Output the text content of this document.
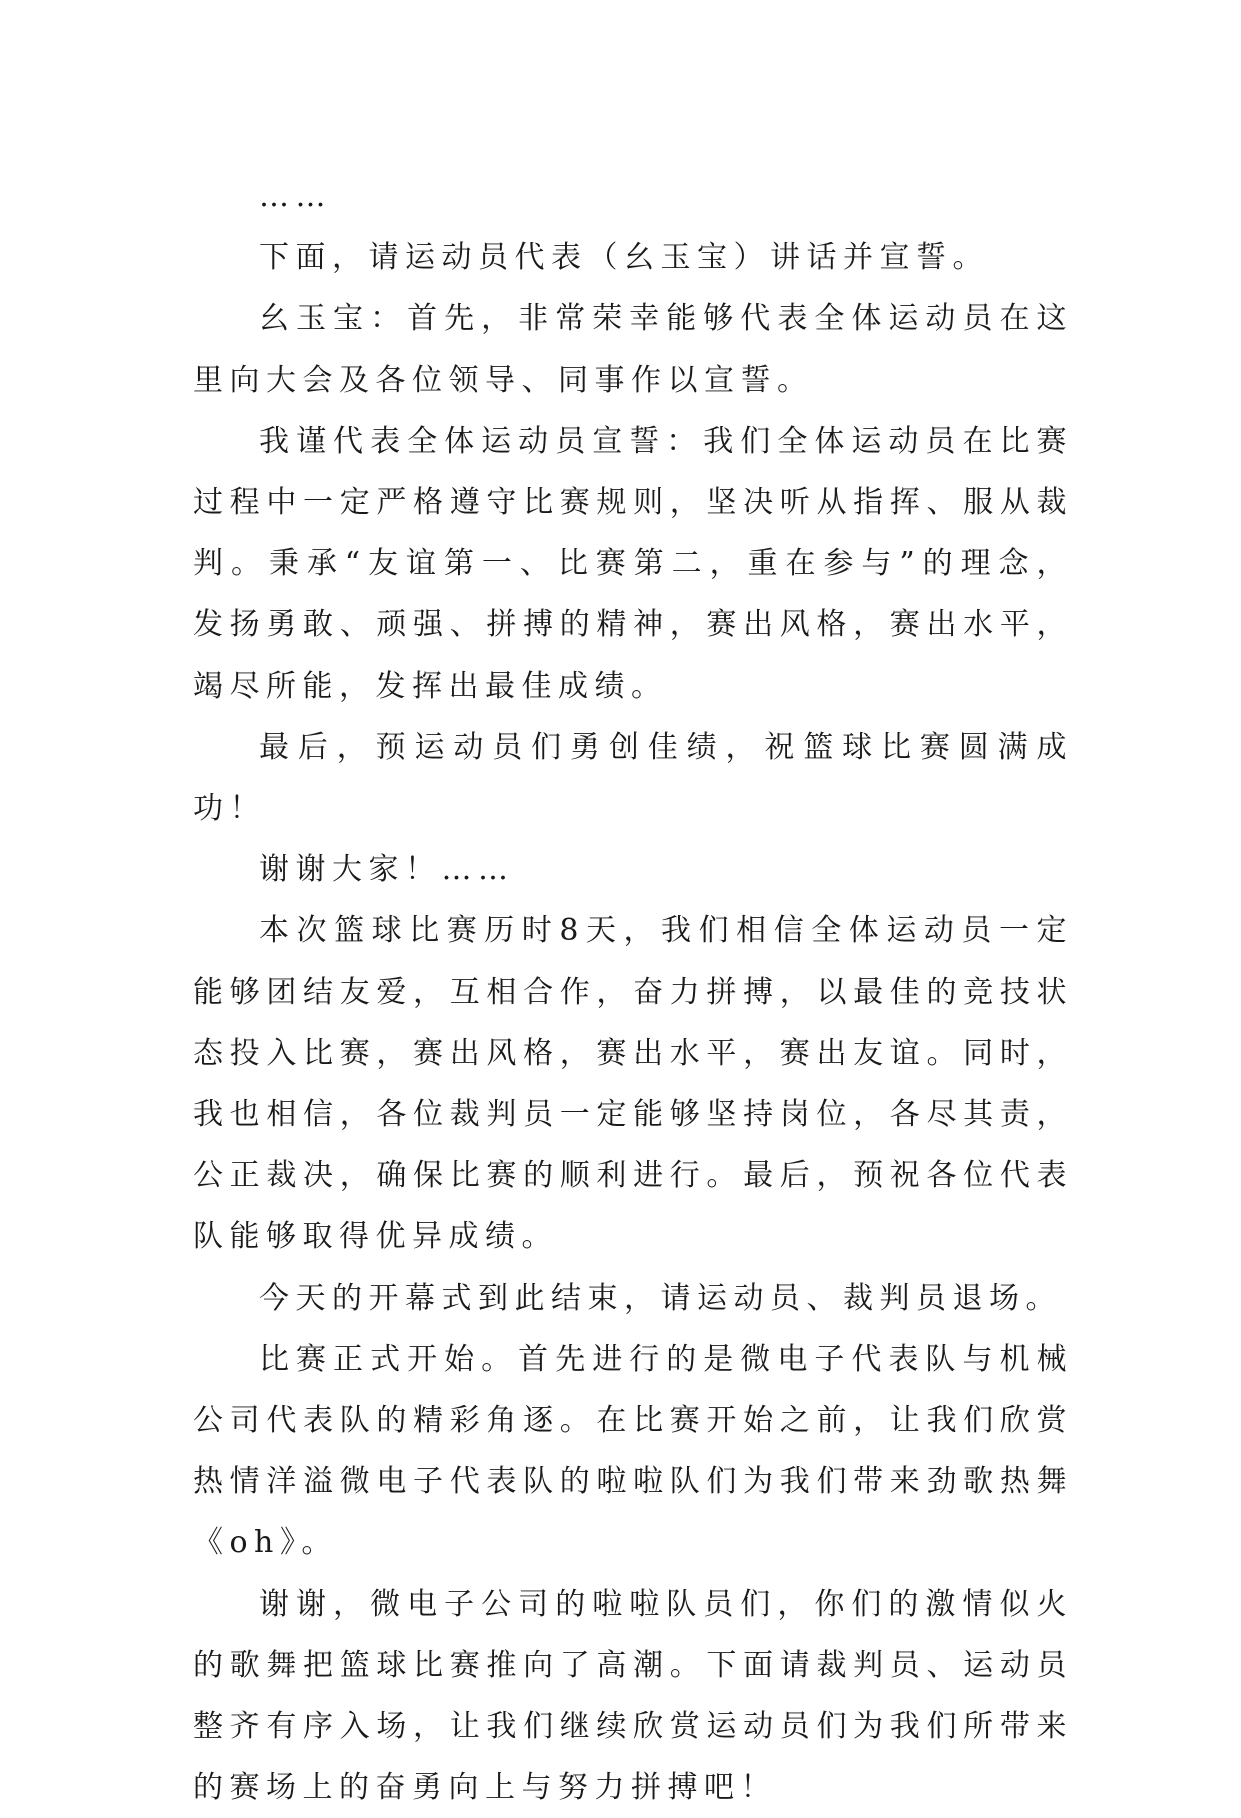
……

下面，请运动员代表（幺玉宝）讲话并宣誓。

幺玉宝：首先，非常荣幸能够代表全体运动员在这里向大会及各位领导、同事作以宣誓。

我谨代表全体运动员宣誓：我们全体运动员在比赛过程中一定严格遵守比赛规则，坚决听从指挥、服从裁判。秉承“友谊第一、比赛第二，重在参与”的理念，发扬勇敢、顽强、拼搏的精神，赛出风格，赛出水平，竭尽所能，发挥出最佳成绩。

最后，预运动员们勇创佳绩，祝篮球比赛圆满成功！

谢谢大家！……

本次篮球比赛历时8天，我们相信全体运动员一定能够团结友爱，互相合作，奋力拼搏，以最佳的竞技状态投入比赛，赛出风格，赛出水平，赛出友谊。同时，我也相信，各位裁判员一定能够坚持岗位，各尽其责，公正裁决，确保比赛的顺利进行。最后，预祝各位代表队能够取得优异成绩。

今天的开幕式到此结束，请运动员、裁判员退场。

比赛正式开始。首先进行的是微电子代表队与机械公司代表队的精彩角逐。在比赛开始之前，让我们欣赏热情洋溢微电子代表队的啦啦队们为我们带来劲歌热舞《oh》。

谢谢，微电子公司的啦啦队员们，你们的激情似火的歌舞把篮球比赛推向了高潮。下面请裁判员、运动员整齐有序入场，让我们继续欣赏运动员们为我们所带来的赛场上的奋勇向上与努力拼搏吧！
